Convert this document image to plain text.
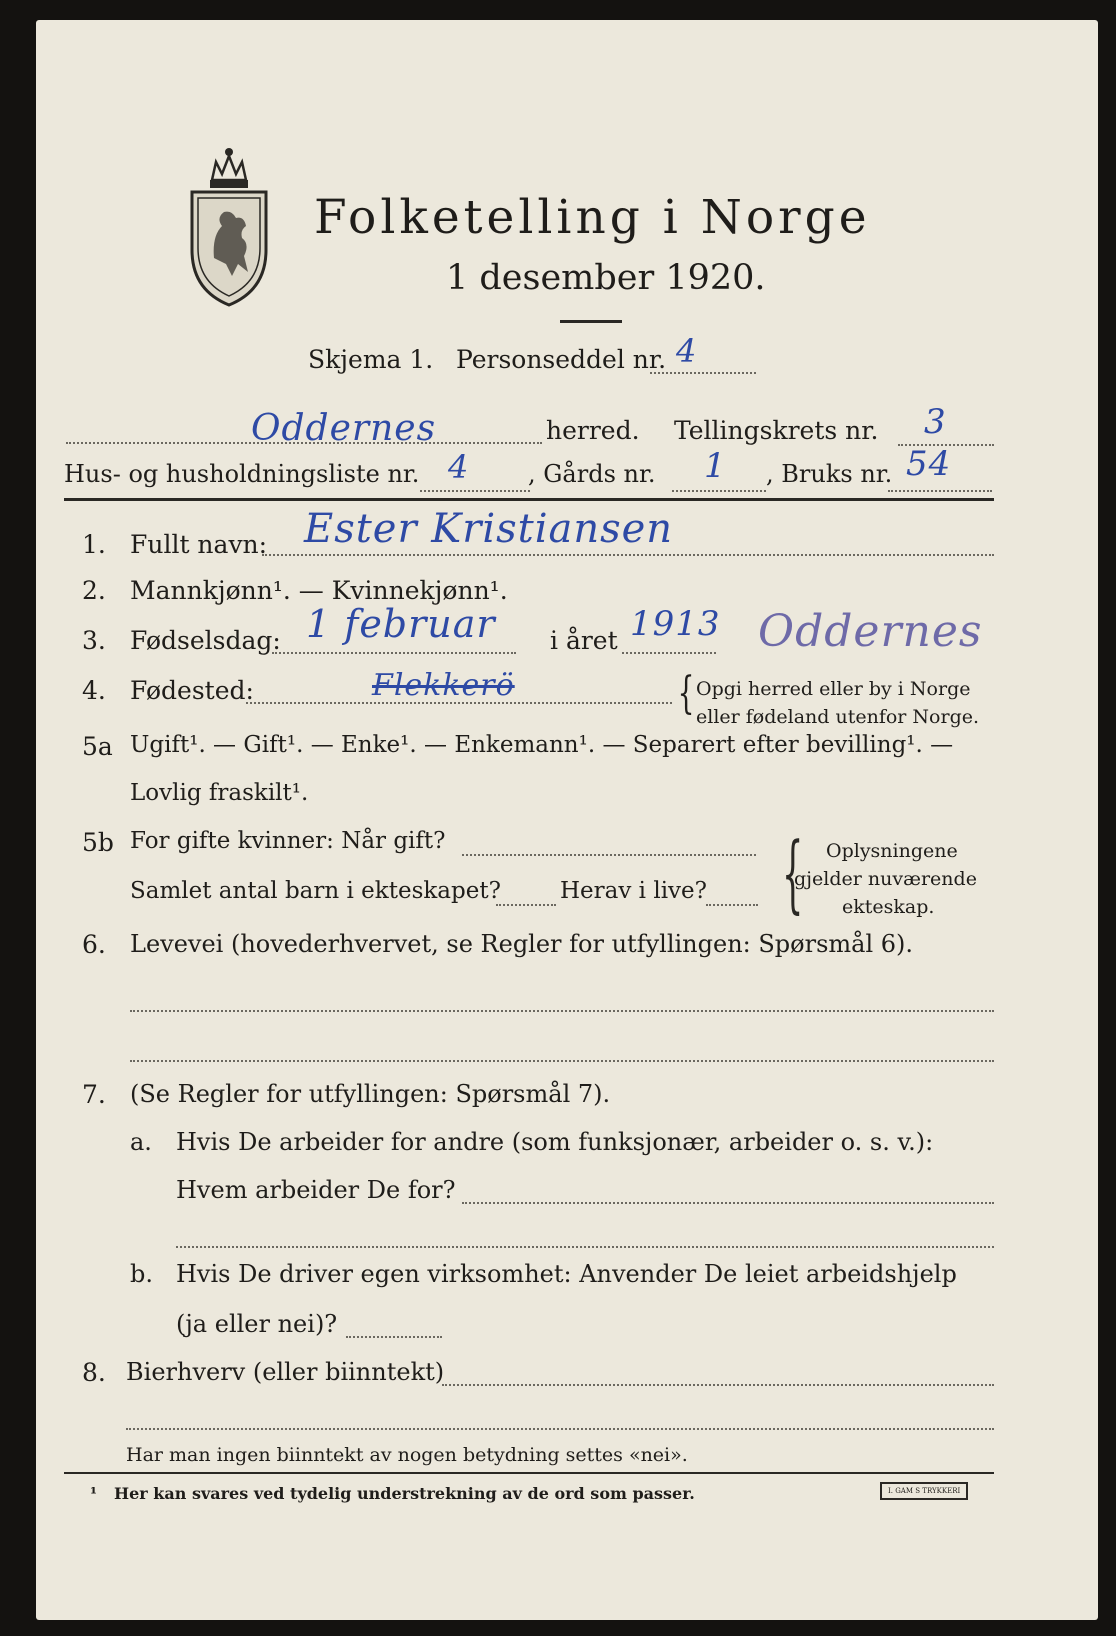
Folketelling i Norge
1 desember 1920.
Skjema 1. Personseddel nr. 4
Oddernes	herred. Tellingskrets nr. 3
Hus- og husholdningsliste nr. 4 , Gårds nr. 1 , Bruks nr. 54
1. Fullt navn: Ester Kristiansen
2. Mannkjønn¹. — Kvinnekjønn¹.
3. Fødselsdag: 1 februar i året 1913 Oddernes
4. Fødested:	Flekkerö	{ Opgi herred eller by i Norge
eller fødeland utenfor Norge.
5a Ugift¹. — Gift¹. — Enke¹. — Enkemann¹. — Separert efter bevilling¹. —
Lovlig fraskilt¹.
5b For gifte kvinner: Når gift?
Samlet antal barn i ekteskapet?	Herav i live? { Oplysningene
gjelder nuværende
ekteskap.
6. Levevei (hovederhvervet, se Regler for utfyllingen: Spørsmål 6).
7. (Se Regler for utfyllingen: Spørsmål 7).
a. Hvis De arbeider for andre (som funksjonær, arbeider o. s. v.):
Hvem arbeider De for?
b. Hvis De driver egen virksomhet: Anvender De leiet arbeidshjelp
(ja eller nei)?
8. Bierhverv (eller biinntekt)
Har man ingen biinntekt av nogen betydning settes «nei».
¹ Her kan svares ved tydelig understrekning av de ord som passer.	I. GAM S TRYKKERI
